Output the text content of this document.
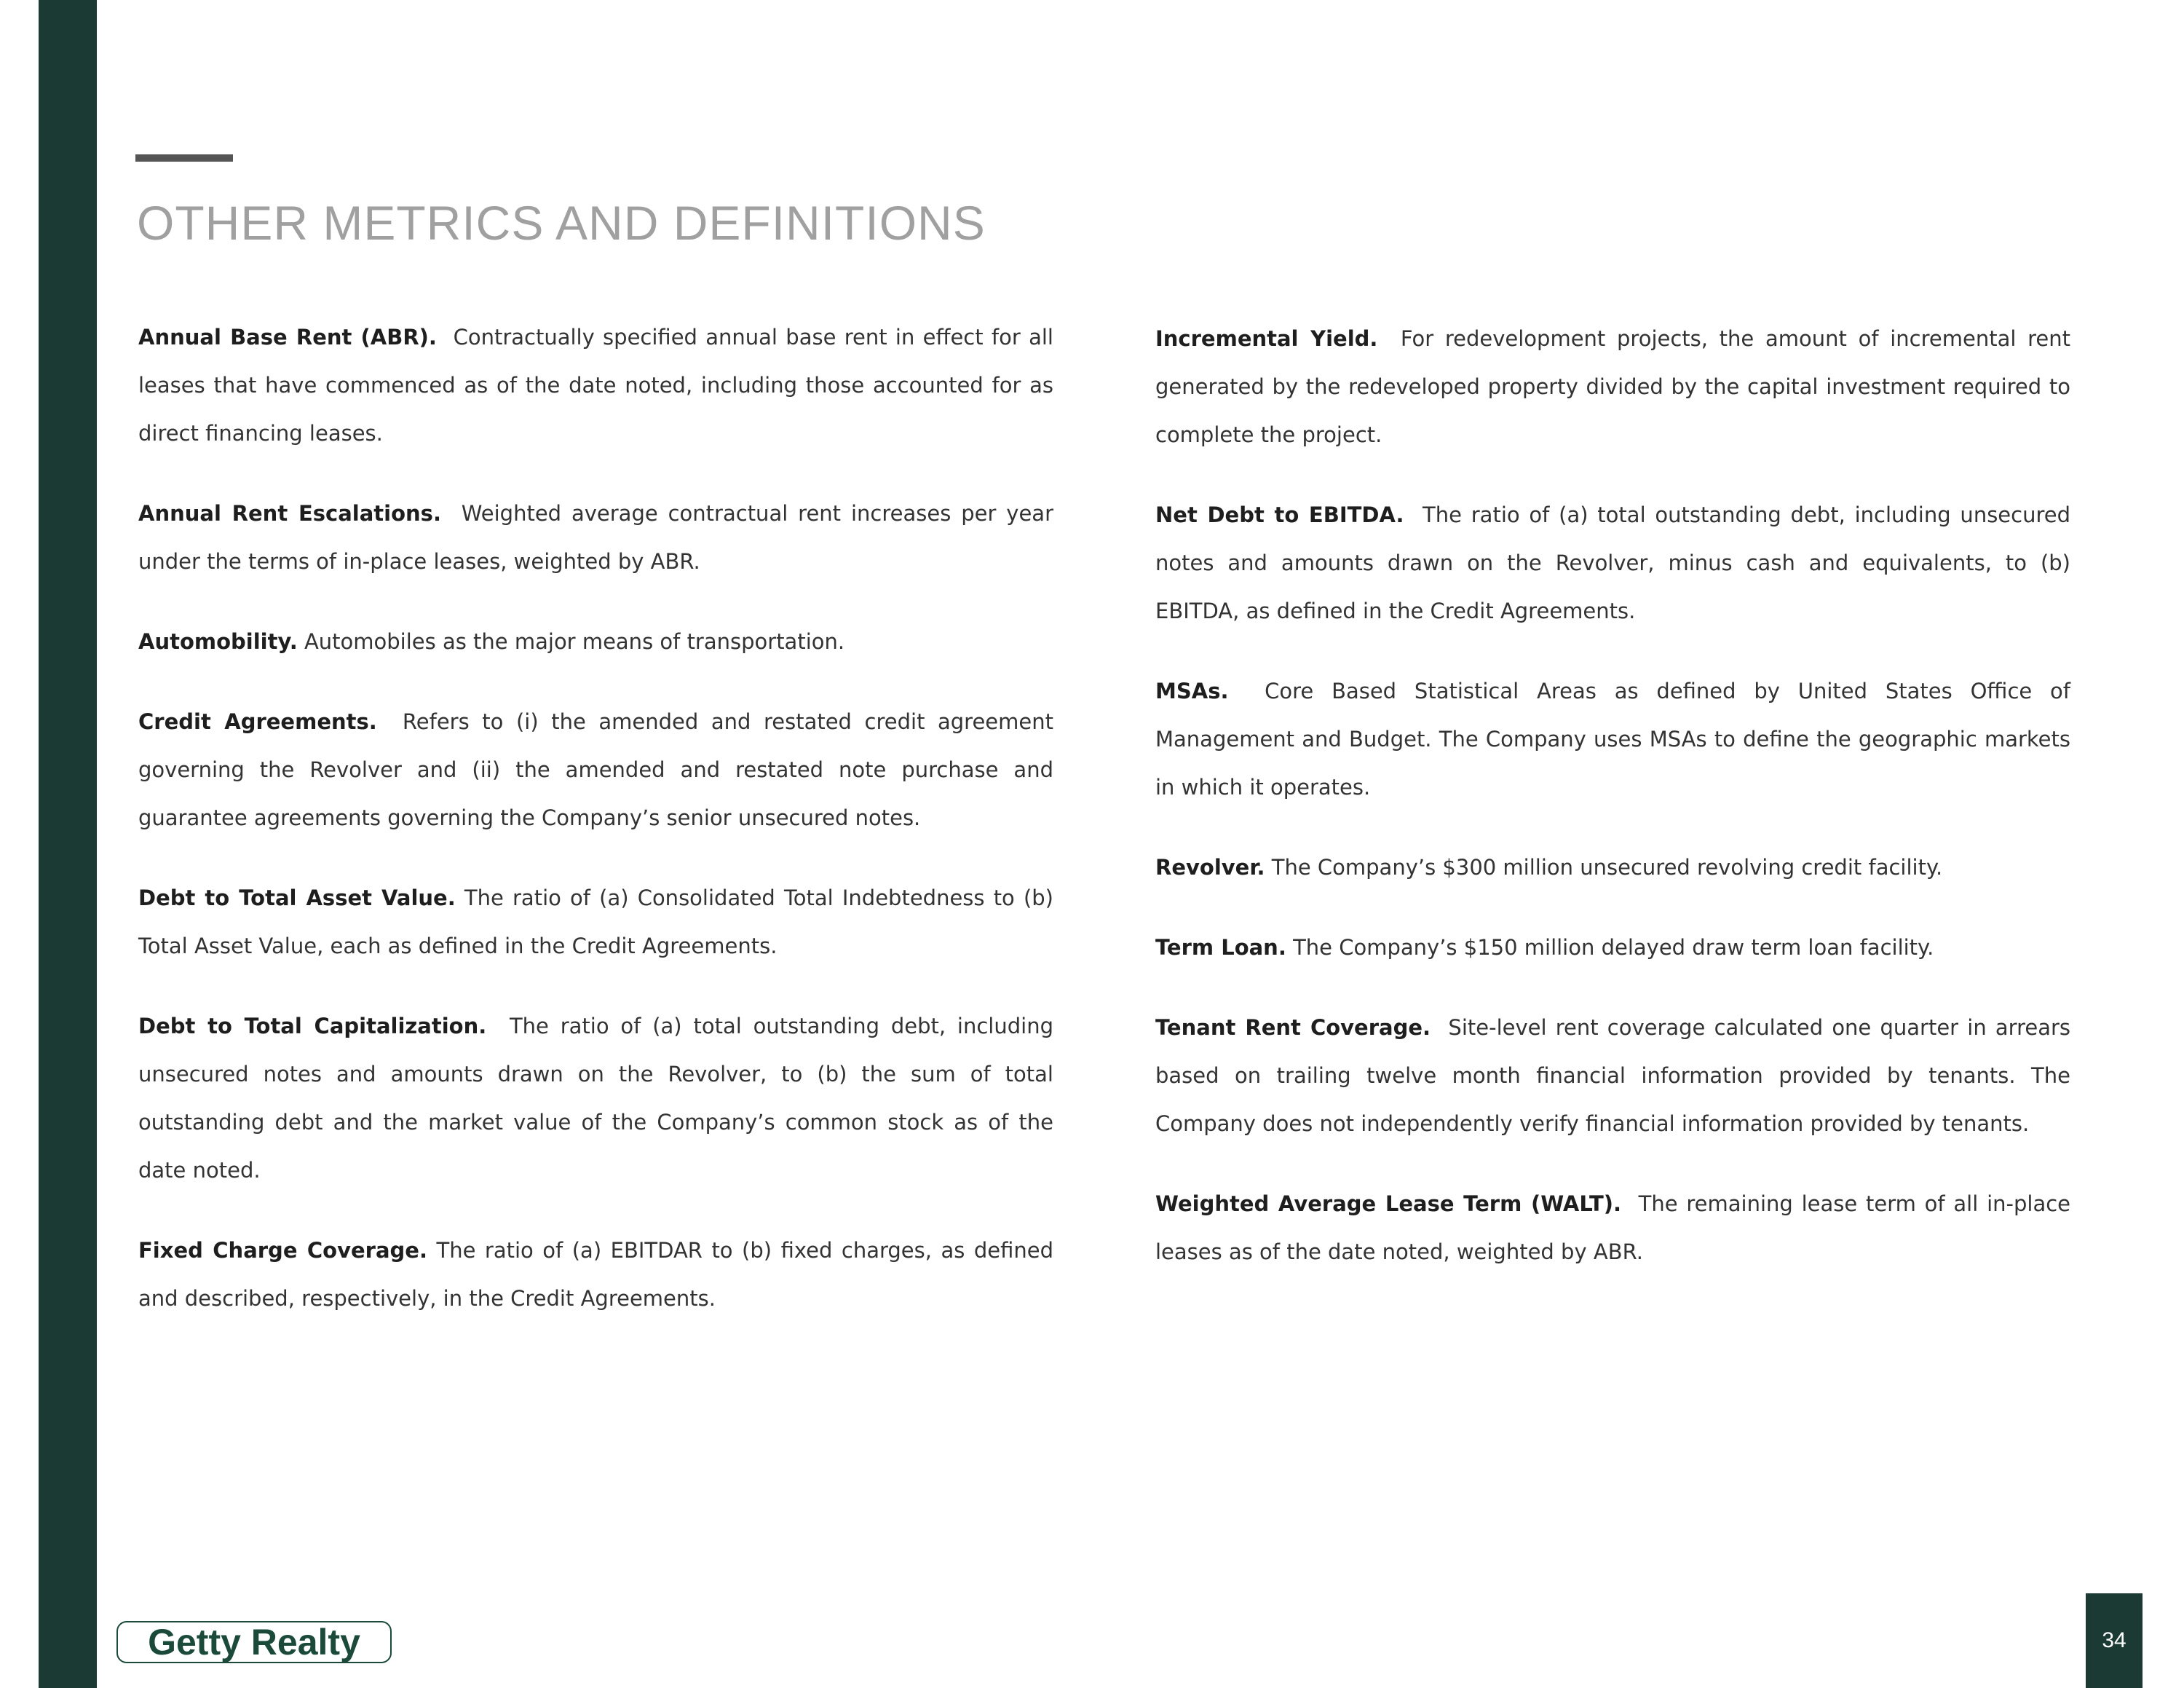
OTHER METRICS AND DEFINITIONS

Annual Base Rent (ABR). Contractually specified annual base rent in effect for all leases that have commenced as of the date noted, including those accounted for as direct financing leases.

Annual Rent Escalations. Weighted average contractual rent increases per year under the terms of in-place leases, weighted by ABR.

Automobility. Automobiles as the major means of transportation.

Credit Agreements. Refers to (i) the amended and restated credit agreement governing the Revolver and (ii) the amended and restated note purchase and guarantee agreements governing the Company’s senior unsecured notes.

Debt to Total Asset Value. The ratio of (a) Consolidated Total Indebtedness to (b) Total Asset Value, each as defined in the Credit Agreements.

Debt to Total Capitalization. The ratio of (a) total outstanding debt, including unsecured notes and amounts drawn on the Revolver, to (b) the sum of total outstanding debt and the market value of the Company’s common stock as of the date noted.

Fixed Charge Coverage. The ratio of (a) EBITDAR to (b) fixed charges, as defined and described, respectively, in the Credit Agreements.

Incremental Yield. For redevelopment projects, the amount of incremental rent generated by the redeveloped property divided by the capital investment required to complete the project.

Net Debt to EBITDA. The ratio of (a) total outstanding debt, including unsecured notes and amounts drawn on the Revolver, minus cash and equivalents, to (b) EBITDA, as defined in the Credit Agreements.

MSAs. Core Based Statistical Areas as defined by United States Office of Management and Budget. The Company uses MSAs to define the geographic markets in which it operates.

Revolver. The Company’s $300 million unsecured revolving credit facility.

Term Loan. The Company’s $150 million delayed draw term loan facility.

Tenant Rent Coverage. Site-level rent coverage calculated one quarter in arrears based on trailing twelve month financial information provided by tenants. The Company does not independently verify financial information provided by tenants.

Weighted Average Lease Term (WALT). The remaining lease term of all in-place leases as of the date noted, weighted by ABR.

Getty Realty	34
